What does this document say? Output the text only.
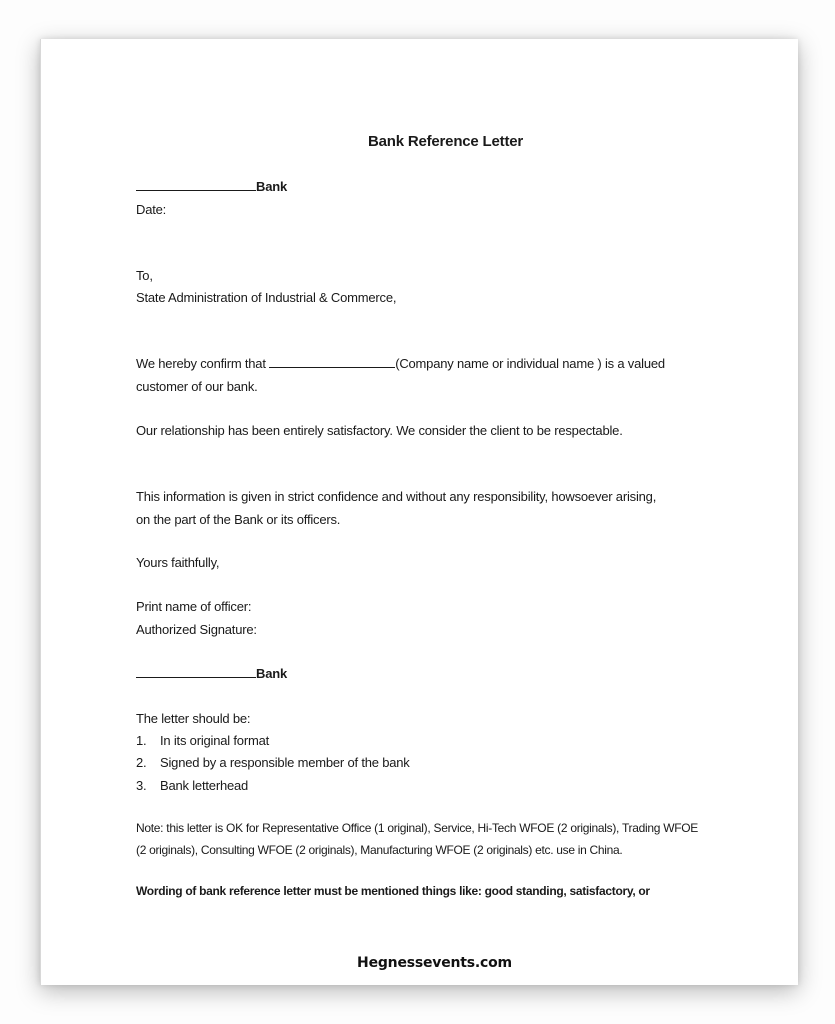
Bank Reference Letter
Bank
Date:
To,
State Administration of Industrial & Commerce,
We hereby confirm that	(Company name or individual name ) is a valued
customer of our bank.
Our relationship has been entirely satisfactory. We consider the client to be respectable.
This information is given in strict confidence and without any responsibility, howsoever arising,
on the part of the Bank or its officers.
Yours faithfully,
Print name of officer:
Authorized Signature:
Bank
The letter should be:
1. In its original format
2. Signed by a responsible member of the bank
3. Bank letterhead
Note: this letter is OK for Representative Office (1 original), Service, Hi-Tech WFOE (2 originals), Trading WFOE (2 originals), Consulting WFOE (2 originals), Manufacturing WFOE (2 originals) etc. use in China.
Wording of bank reference letter must be mentioned things like: good standing, satisfactory, or
Hegnessevents.com
